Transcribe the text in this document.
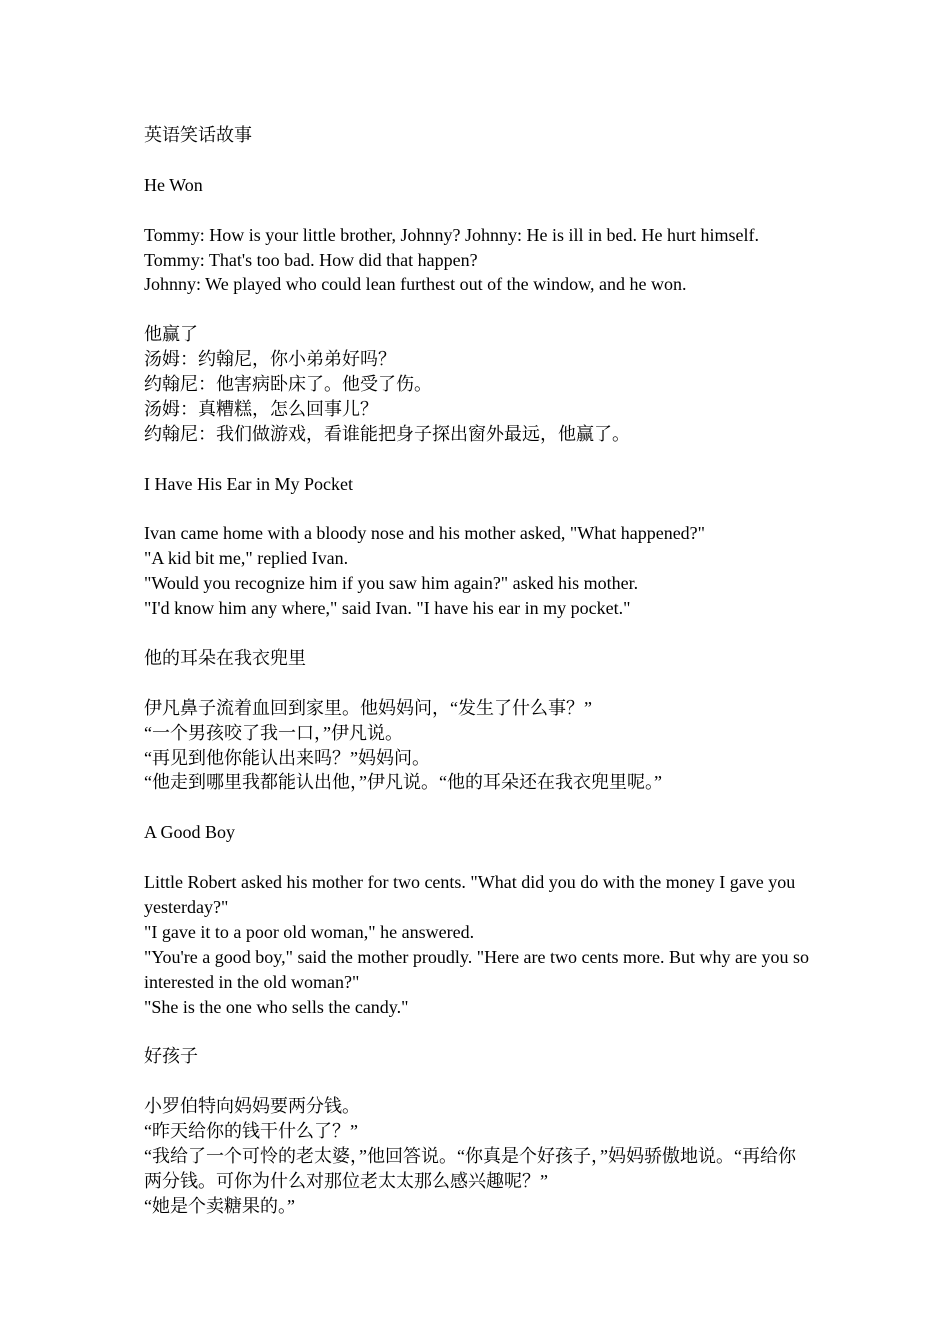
英语笑话故事
He Won
Tommy: How is your little brother, Johnny? Johnny: He is ill in bed. He hurt himself.
Tommy: That's too bad. How did that happen?
Johnny: We played who could lean furthest out of the window, and he won.
他赢了
汤姆：约翰尼，你小弟弟好吗？
约翰尼：他害病卧床了。他受了伤。
汤姆：真糟糕，怎么回事儿？
约翰尼：我们做游戏，看谁能把身子探出窗外最远，他赢了。
I Have His Ear in My Pocket
Ivan came home with a bloody nose and his mother asked, "What happened?"
"A kid bit me," replied Ivan.
"Would you recognize him if you saw him again?" asked his mother.
"I'd know him any where," said Ivan. "I have his ear in my pocket."
他的耳朵在我衣兜里
伊凡鼻子流着血回到家里。他妈妈问，“发生了什么事？”
“一个男孩咬了我一口，”伊凡说。
“再见到他你能认出来吗？”妈妈问。
“他走到哪里我都能认出他，”伊凡说。“他的耳朵还在我衣兜里呢。”
A Good Boy
Little Robert asked his mother for two cents. "What did you do with the money I gave you yesterday?"
"I gave it to a poor old woman," he answered.
"You're a good boy," said the mother proudly. "Here are two cents more. But why are you so interested in the old woman?"
"She is the one who sells the candy."
好孩子
小罗伯特向妈妈要两分钱。
“昨天给你的钱干什么了？”
“我给了一个可怜的老太婆，”他回答说。“你真是个好孩子，”妈妈骄傲地说。“再给你两分钱。可你为什么对那位老太太那么感兴趣呢？”
“她是个卖糖果的。”
